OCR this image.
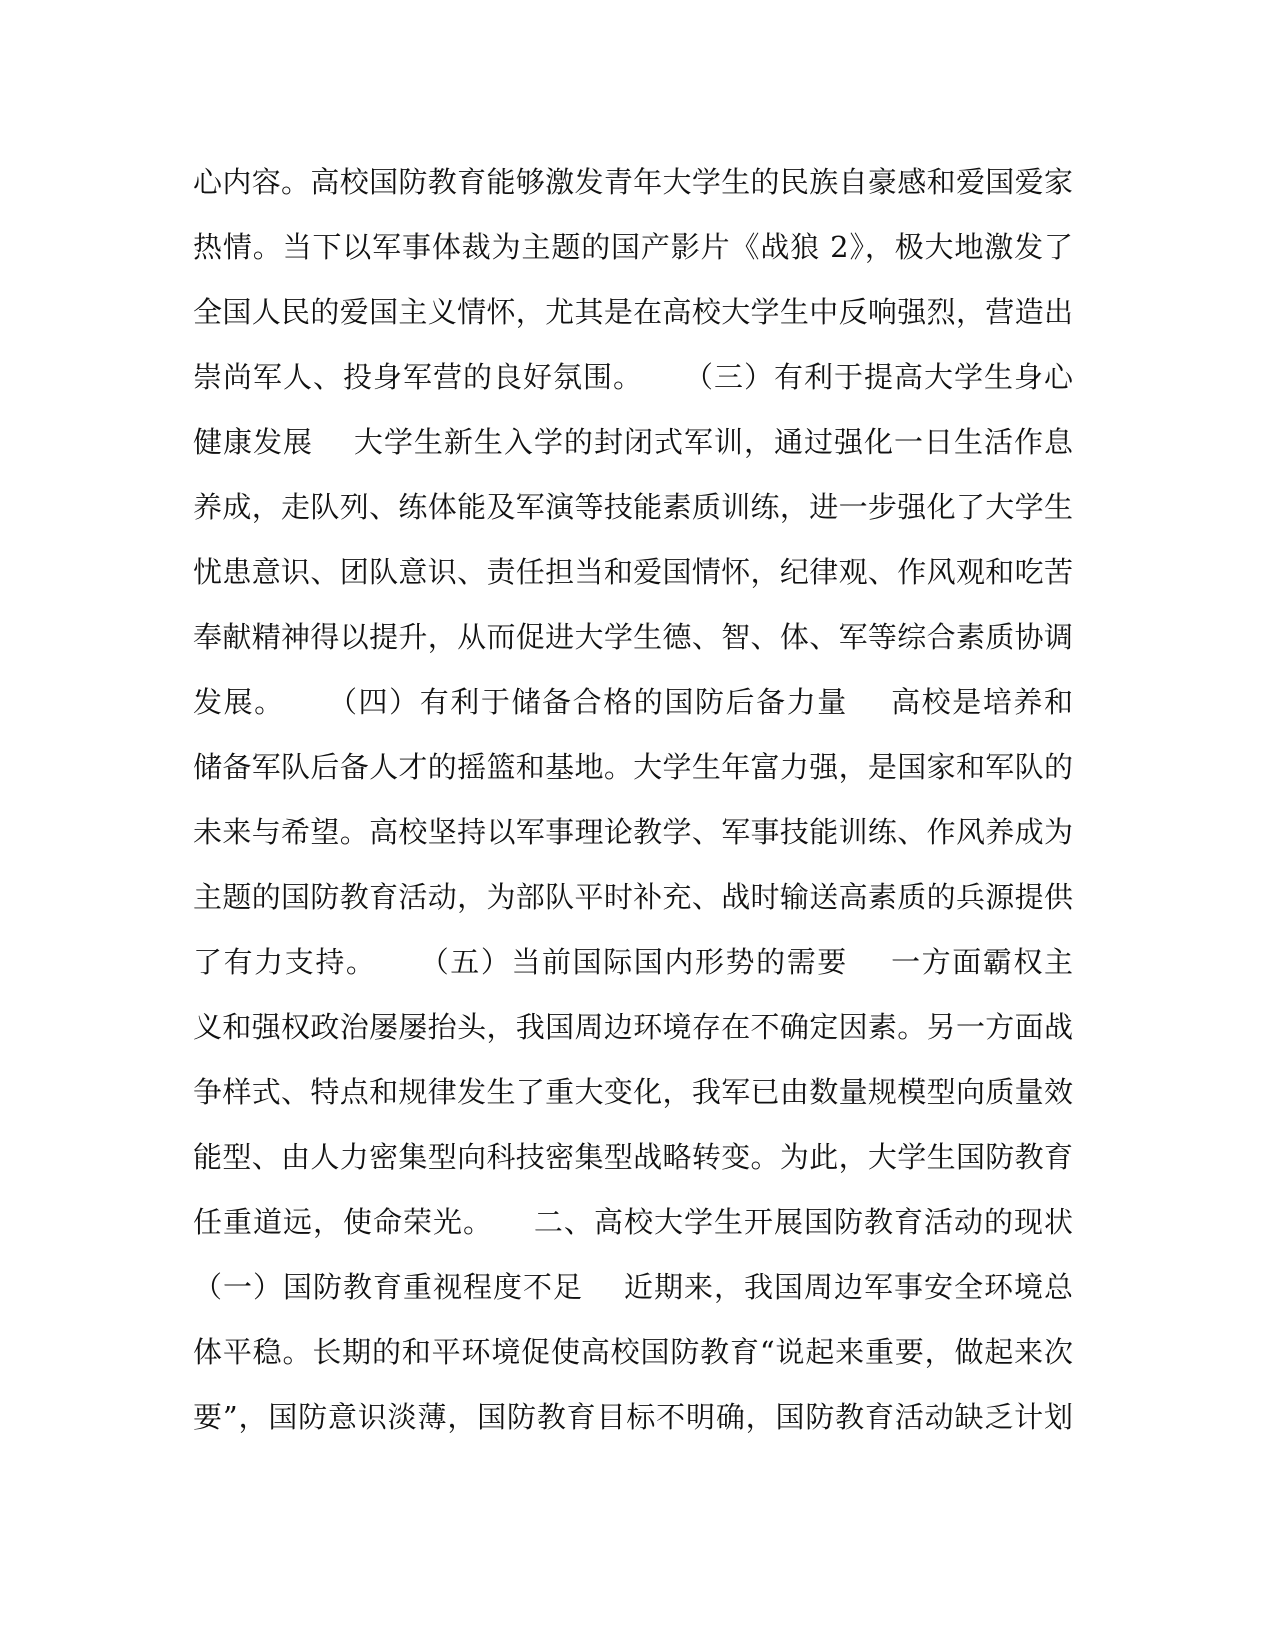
心内容。高校国防教育能够激发青年大学生的民族自豪感和爱国爱家
热情。当下以军事体裁为主题的国产影片《战狼 2》，极大地激发了
全国人民的爱国主义情怀，尤其是在高校大学生中反响强烈，营造出
崇尚军人、投身军营的良好氛围。    （三）有利于提高大学生身心
健康发展    大学生新生入学的封闭式军训，通过强化一日生活作息
养成，走队列、练体能及军演等技能素质训练，进一步强化了大学生
忧患意识、团队意识、责任担当和爱国情怀，纪律观、作风观和吃苦
奉献精神得以提升，从而促进大学生德、智、体、军等综合素质协调
发展。    （四）有利于储备合格的国防后备力量    高校是培养和
储备军队后备人才的摇篮和基地。大学生年富力强，是国家和军队的
未来与希望。高校坚持以军事理论教学、军事技能训练、作风养成为
主题的国防教育活动，为部队平时补充、战时输送高素质的兵源提供
了有力支持。    （五）当前国际国内形势的需要    一方面霸权主
义和强权政治屡屡抬头，我国周边环境存在不确定因素。另一方面战
争样式、特点和规律发生了重大变化，我军已由数量规模型向质量效
能型、由人力密集型向科技密集型战略转变。为此，大学生国防教育
任重道远，使命荣光。    二、高校大学生开展国防教育活动的现状
（一）国防教育重视程度不足    近期来，我国周边军事安全环境总
体平稳。长期的和平环境促使高校国防教育“说起来重要，做起来次
要”，国防意识淡薄，国防教育目标不明确，国防教育活动缺乏计划
